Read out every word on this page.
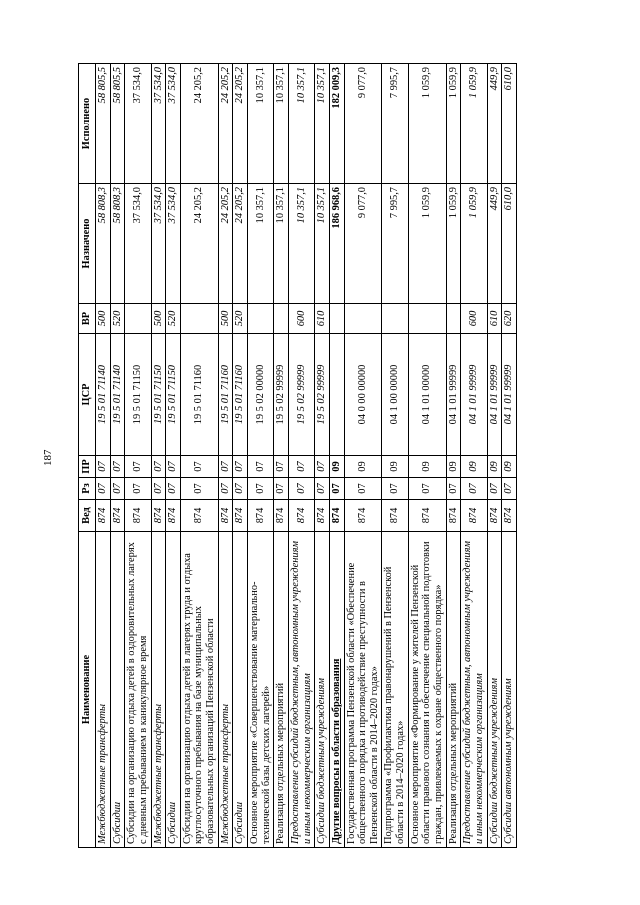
187
Наименование	Вед	Рз	ПР	ЦСР	ВР	Назначено	Исполнено
Межбюджетные трансферты	874	07	07	19 5 01 71140	500	58 808,3	58 805,5
Субсидии	874	07	07	19 5 01 71140	520	58 808,3	58 805,5
Субсидии на организацию отдыха детей в оздоровительных лагерях с дневным пребыванием в каникулярное время	874	07	07	19 5 01 71150		37 534,0	37 534,0
Межбюджетные трансферты	874	07	07	19 5 01 71150	500	37 534,0	37 534,0
Субсидии	874	07	07	19 5 01 71150	520	37 534,0	37 534,0
Субсидии на организацию отдыха детей в лагерях труда и отдыха круглосуточного пребывания на базе муниципальных образовательных организаций Пензенской области	874	07	07	19 5 01 71160		24 205,2	24 205,2
Межбюджетные трансферты	874	07	07	19 5 01 71160	500	24 205,2	24 205,2
Субсидии	874	07	07	19 5 01 71160	520	24 205,2	24 205,2
Основное мероприятие «Совершенствование материально-технической базы детских лагерей»	874	07	07	19 5 02 00000		10 357,1	10 357,1
Реализация отдельных мероприятий	874	07	07	19 5 02 99999		10 357,1	10 357,1
Предоставление субсидий бюджетным, автономным учреждениям и иным некоммерческим организациям	874	07	07	19 5 02 99999	600	10 357,1	10 357,1
Субсидии бюджетным учреждениям	874	07	07	19 5 02 99999	610	10 357,1	10 357,1
Другие вопросы в области образования	874	07	09			186 968,6	182 009,3
Государственная программа Пензенской области «Обеспечение общественного порядка и противодействие преступности в Пензенской области в 2014–2020 годах»	874	07	09	04 0 00 00000		9 077,0	9 077,0
Подпрограмма «Профилактика правонарушений в Пензенской области в 2014–2020 годах»	874	07	09	04 1 00 00000		7 995,7	7 995,7
Основное мероприятие «Формирование у жителей Пензенской области правового сознания и обеспечение специальной подготовки граждан, привлекаемых к охране общественного порядка»	874	07	09	04 1 01 00000		1 059,9	1 059,9
Реализация отдельных мероприятий	874	07	09	04 1 01 99999		1 059,9	1 059,9
Предоставление субсидий бюджетным, автономным учреждениям и иным некоммерческим организациям	874	07	09	04 1 01 99999	600	1 059,9	1 059,9
Субсидии бюджетным учреждениям	874	07	09	04 1 01 99999	610	449,9	449,9
Субсидии автономным учреждениям	874	07	09	04 1 01 99999	620	610,0	610,0
